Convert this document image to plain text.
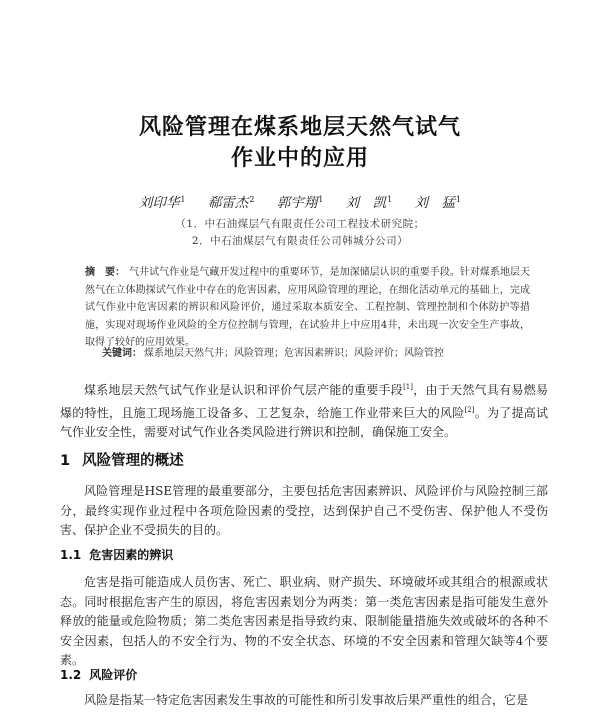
风险管理在煤系地层天然气试气
作业中的应用
刘印华$^1$ 郗雷杰$^2$ 郭宇翔$^1$ 刘　凯$^1$ 刘　猛$^1$
（1．中石油煤层气有限责任公司工程技术研究院；
2．中石油煤层气有限责任公司韩城分公司）
摘　要： 气井试气作业是气藏开发过程中的重要环节，是加深储层认识的重要手段。针对煤系地层天然气在立体勘探试气作业中存在的危害因素，应用风险管理的理论，在细化活动单元的基础上，完成试气作业中危害因素的辨识和风险评价，通过采取本质安全、工程控制、管理控制和个体防护等措施，实现对现场作业风险的全方位控制与管理，在试验井上中应用4井，未出现一次安全生产事故，取得了较好的应用效果。
关键词： 煤系地层天然气井；风险管理；危害因素辨识；风险评价；风险管控
煤系地层天然气试气作业是认识和评价气层产能的重要手段[1]，由于天然气具有易燃易爆的特性，且施工现场施工设备多、工艺复杂，给施工作业带来巨大的风险[2]。为了提高试气作业安全性，需要对试气作业各类风险进行辨识和控制，确保施工安全。
1 风险管理的概述
风险管理是HSE管理的最重要部分，主要包括危害因素辨识、风险评价与风险控制三部分，最终实现作业过程中各项危险因素的受控，达到保护自己不受伤害、保护他人不受伤害、保护企业不受损失的目的。
1.1 危害因素的辨识
危害是指可能造成人员伤害、死亡、职业病、财产损失、环境破坏或其组合的根源或状态。同时根据危害产生的原因，将危害因素划分为两类：第一类危害因素是指可能发生意外释放的能量或危险物质；第二类危害因素是指导致约束、限制能量措施失效或破坏的各种不安全因素，包括人的不安全行为、物的不安全状态、环境的不安全因素和管理欠缺等4个要素。
1.2 风险评价
风险是指某一特定危害因素发生事故的可能性和所引发事故后果严重性的组合，它是
